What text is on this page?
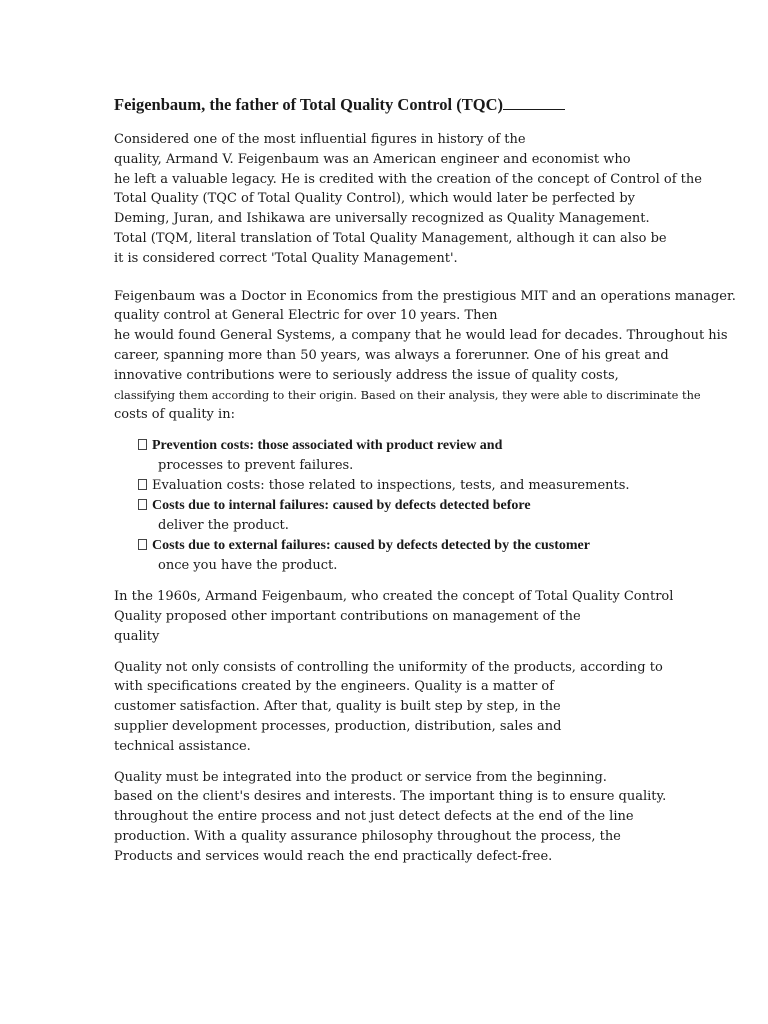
Feigenbaum, the father of Total Quality Control (TQC)
Considered one of the most influential figures in history of the
quality, Armand V. Feigenbaum was an American engineer and economist who
he left a valuable legacy. He is credited with the creation of the concept of Control of the
Total Quality (TQC of Total Quality Control), which would later be perfected by
Deming, Juran, and Ishikawa are universally recognized as Quality Management.
Total (TQM, literal translation of Total Quality Management, although it can also be
it is considered correct 'Total Quality Management'.
Feigenbaum was a Doctor in Economics from the prestigious MIT and an operations manager.
quality control at General Electric for over 10 years. Then
he would found General Systems, a company that he would lead for decades. Throughout his
career, spanning more than 50 years, was always a forerunner. One of his great and
innovative contributions were to seriously address the issue of quality costs,
classifying them according to their origin. Based on their analysis, they were able to discriminate the
costs of quality in:
Prevention costs: those associated with product review and
processes to prevent failures.
Evaluation costs: those related to inspections, tests, and measurements.
Costs due to internal failures: caused by defects detected before
deliver the product.
Costs due to external failures: caused by defects detected by the customer
once you have the product.
In the 1960s, Armand Feigenbaum, who created the concept of Total Quality Control
Quality proposed other important contributions on management of the
quality
Quality not only consists of controlling the uniformity of the products, according to
with specifications created by the engineers. Quality is a matter of
customer satisfaction. After that, quality is built step by step, in the
supplier development processes, production, distribution, sales and
technical assistance.
Quality must be integrated into the product or service from the beginning.
based on the client's desires and interests. The important thing is to ensure quality.
throughout the entire process and not just detect defects at the end of the line
production. With a quality assurance philosophy throughout the process, the
Products and services would reach the end practically defect-free.
